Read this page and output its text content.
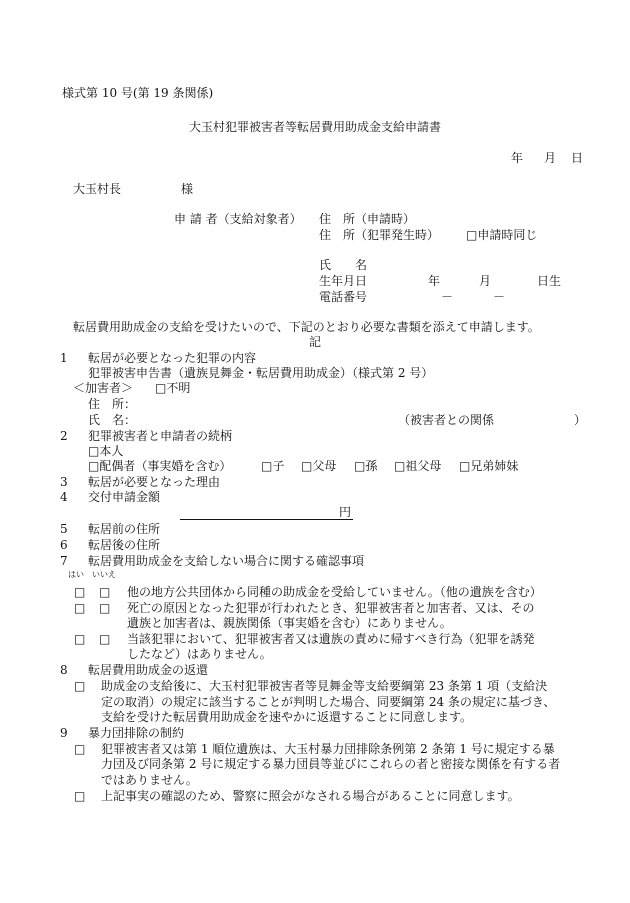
様式第 10 号(第 19 条関係)
大玉村犯罪被害者等転居費用助成金支給申請書
年 月 日
大玉村長	様
申 請 者（支給対象者） 住　所（申請時）
住　所（犯罪発生時） □申請時同じ
氏　　名
生年月日	年	月	日生
電話番号	－	－
転居費用助成金の支給を受けたいので、下記のとおり必要な書類を添えて申請します。
記
1 転居が必要となった犯罪の内容
犯罪被害申告書（遺族見舞金・転居費用助成金）（様式第 2 号）
＜加害者＞ □不明
住　所：
氏　名：	（被害者との関係	）
2 犯罪被害者と申請者の続柄
□本人
□配偶者（事実婚を含む） □子 □父母 □孫 □祖父母 □兄弟姉妹
3 転居が必要となった理由
4 交付申請金額
円
5 転居前の住所
6 転居後の住所
7 転居費用助成金を支給しない場合に関する確認事項
はい いいえ
□ □ 他の地方公共団体から同種の助成金を受給していません。（他の遺族を含む）
□ □ 死亡の原因となった犯罪が行われたとき、犯罪被害者と加害者、又は、その
遺族と加害者は、親族関係（事実婚を含む）にありません。
□ □ 当該犯罪において、犯罪被害者又は遺族の責めに帰すべき行為（犯罪を誘発
したなど）はありません。
8 転居費用助成金の返還
□ 助成金の支給後に、大玉村犯罪被害者等見舞金等支給要綱第 23 条第 1 項（支給決
定の取消）の規定に該当することが判明した場合、同要綱第 24 条の規定に基づき、
支給を受けた転居費用助成金を速やかに返還することに同意します。
9 暴力団排除の制約
□ 犯罪被害者又は第 1 順位遺族は、大玉村暴力団排除条例第 2 条第 1 号に規定する暴
力団及び同条第 2 号に規定する暴力団員等並びにこれらの者と密接な関係を有する者
ではありません。
□ 上記事実の確認のため、警察に照会がなされる場合があることに同意します。
